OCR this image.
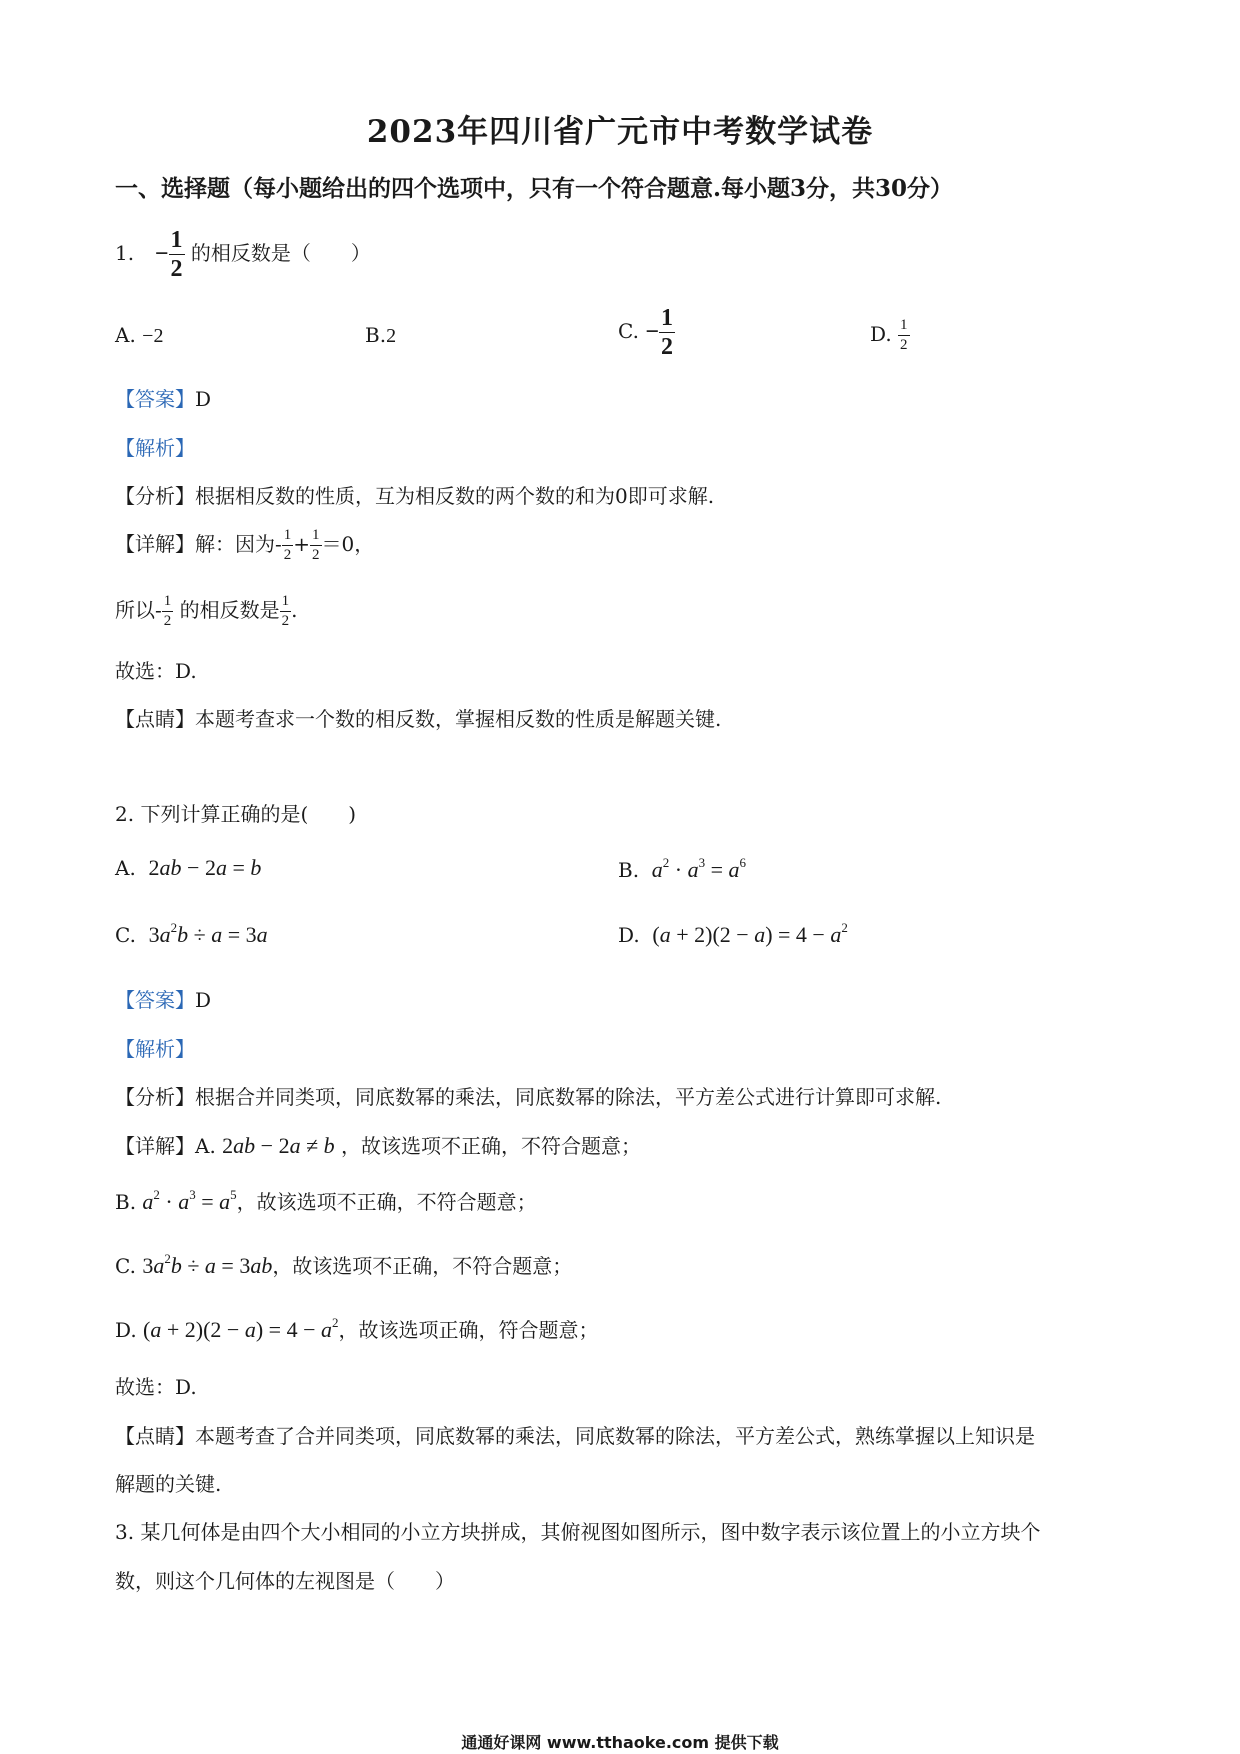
2023年四川省广元市中考数学试卷
一、选择题（每小题给出的四个选项中，只有一个符合题意.每小题3分，共30分）
1. − $\frac{1}{2}$ 的相反数是（　　）
A. −2	B.2	C. − $\frac{1}{2}$	D. $\frac{1}{2}$
【答案】D
【解析】
【分析】根据相反数的性质，互为相反数的两个数的和为0即可求解.
【详解】解：因为- $\frac{1}{2} + \frac{1}{2} =0$，
所以- $\frac{1}{2}$ 的相反数是 $\frac{1}{2}$ .
故选：D.
【点睛】本题考查求一个数的相反数，掌握相反数的性质是解题关键.
2. 下列计算正确的是(　　)
A. 2ab − 2a = b	B. $a^2 \cdot a^3 = a^6$
C. $3a^2b \div a = 3a$	D. $(a + 2)(2 - a) = 4 - a^2$
【答案】D
【解析】
【分析】根据合并同类项，同底数幂的乘法，同底数幂的除法，平方差公式进行计算即可求解.
【详解】A. 2ab − 2a ≠ b ，故该选项不正确，不符合题意；
B. $a^2 \cdot a^3 = a^5$，故该选项不正确，不符合题意；
C. $3a^2b \div a = 3ab$，故该选项不正确，不符合题意；
D. $(a + 2)(2 - a) = 4 - a^2$，故该选项正确，符合题意；
故选：D.
【点睛】本题考查了合并同类项，同底数幂的乘法，同底数幂的除法，平方差公式，熟练掌握以上知识是
解题的关键.
3. 某几何体是由四个大小相同的小立方块拼成，其俯视图如图所示，图中数字表示该位置上的小立方块个
数，则这个几何体的左视图是（　　）
通通好课网 www.tthaoke.com 提供下载
